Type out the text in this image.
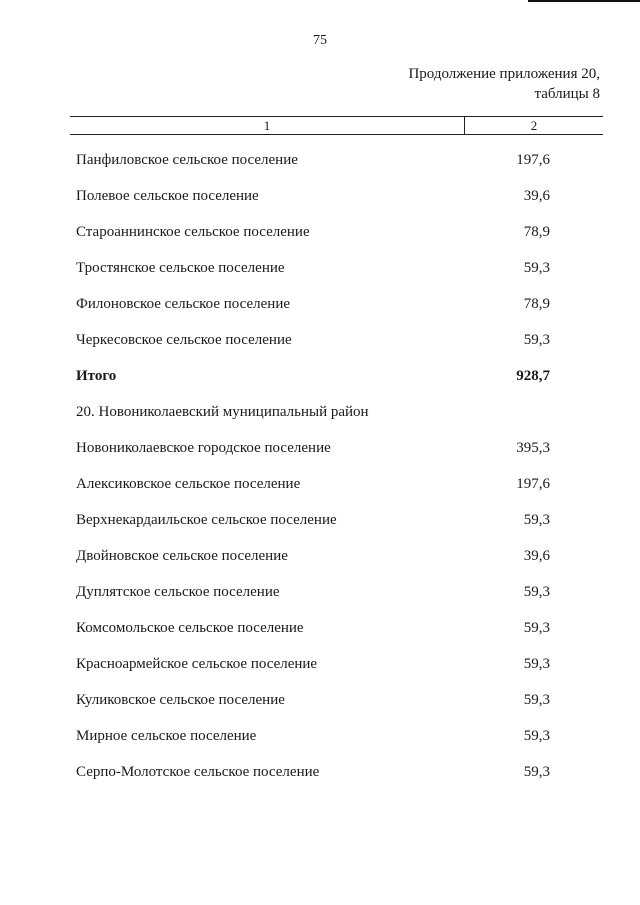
75
Продолжение приложения 20,
таблицы 8
1	2
Панфиловское сельское поселение	197,6
Полевое сельское поселение	39,6
Староаннинское сельское поселение	78,9
Тростянское сельское поселение	59,3
Филоновское сельское поселение	78,9
Черкесовское сельское поселение	59,3
Итого	928,7
20. Новониколаевский муниципальный район
Новониколаевское городское поселение	395,3
Алексиковское сельское поселение	197,6
Верхнекардаильское сельское поселение	59,3
Двойновское сельское поселение	39,6
Дуплятское сельское поселение	59,3
Комсомольское сельское поселение	59,3
Красноармейское сельское поселение	59,3
Куликовское сельское поселение	59,3
Мирное сельское поселение	59,3
Серпо-Молотское сельское поселение	59,3
